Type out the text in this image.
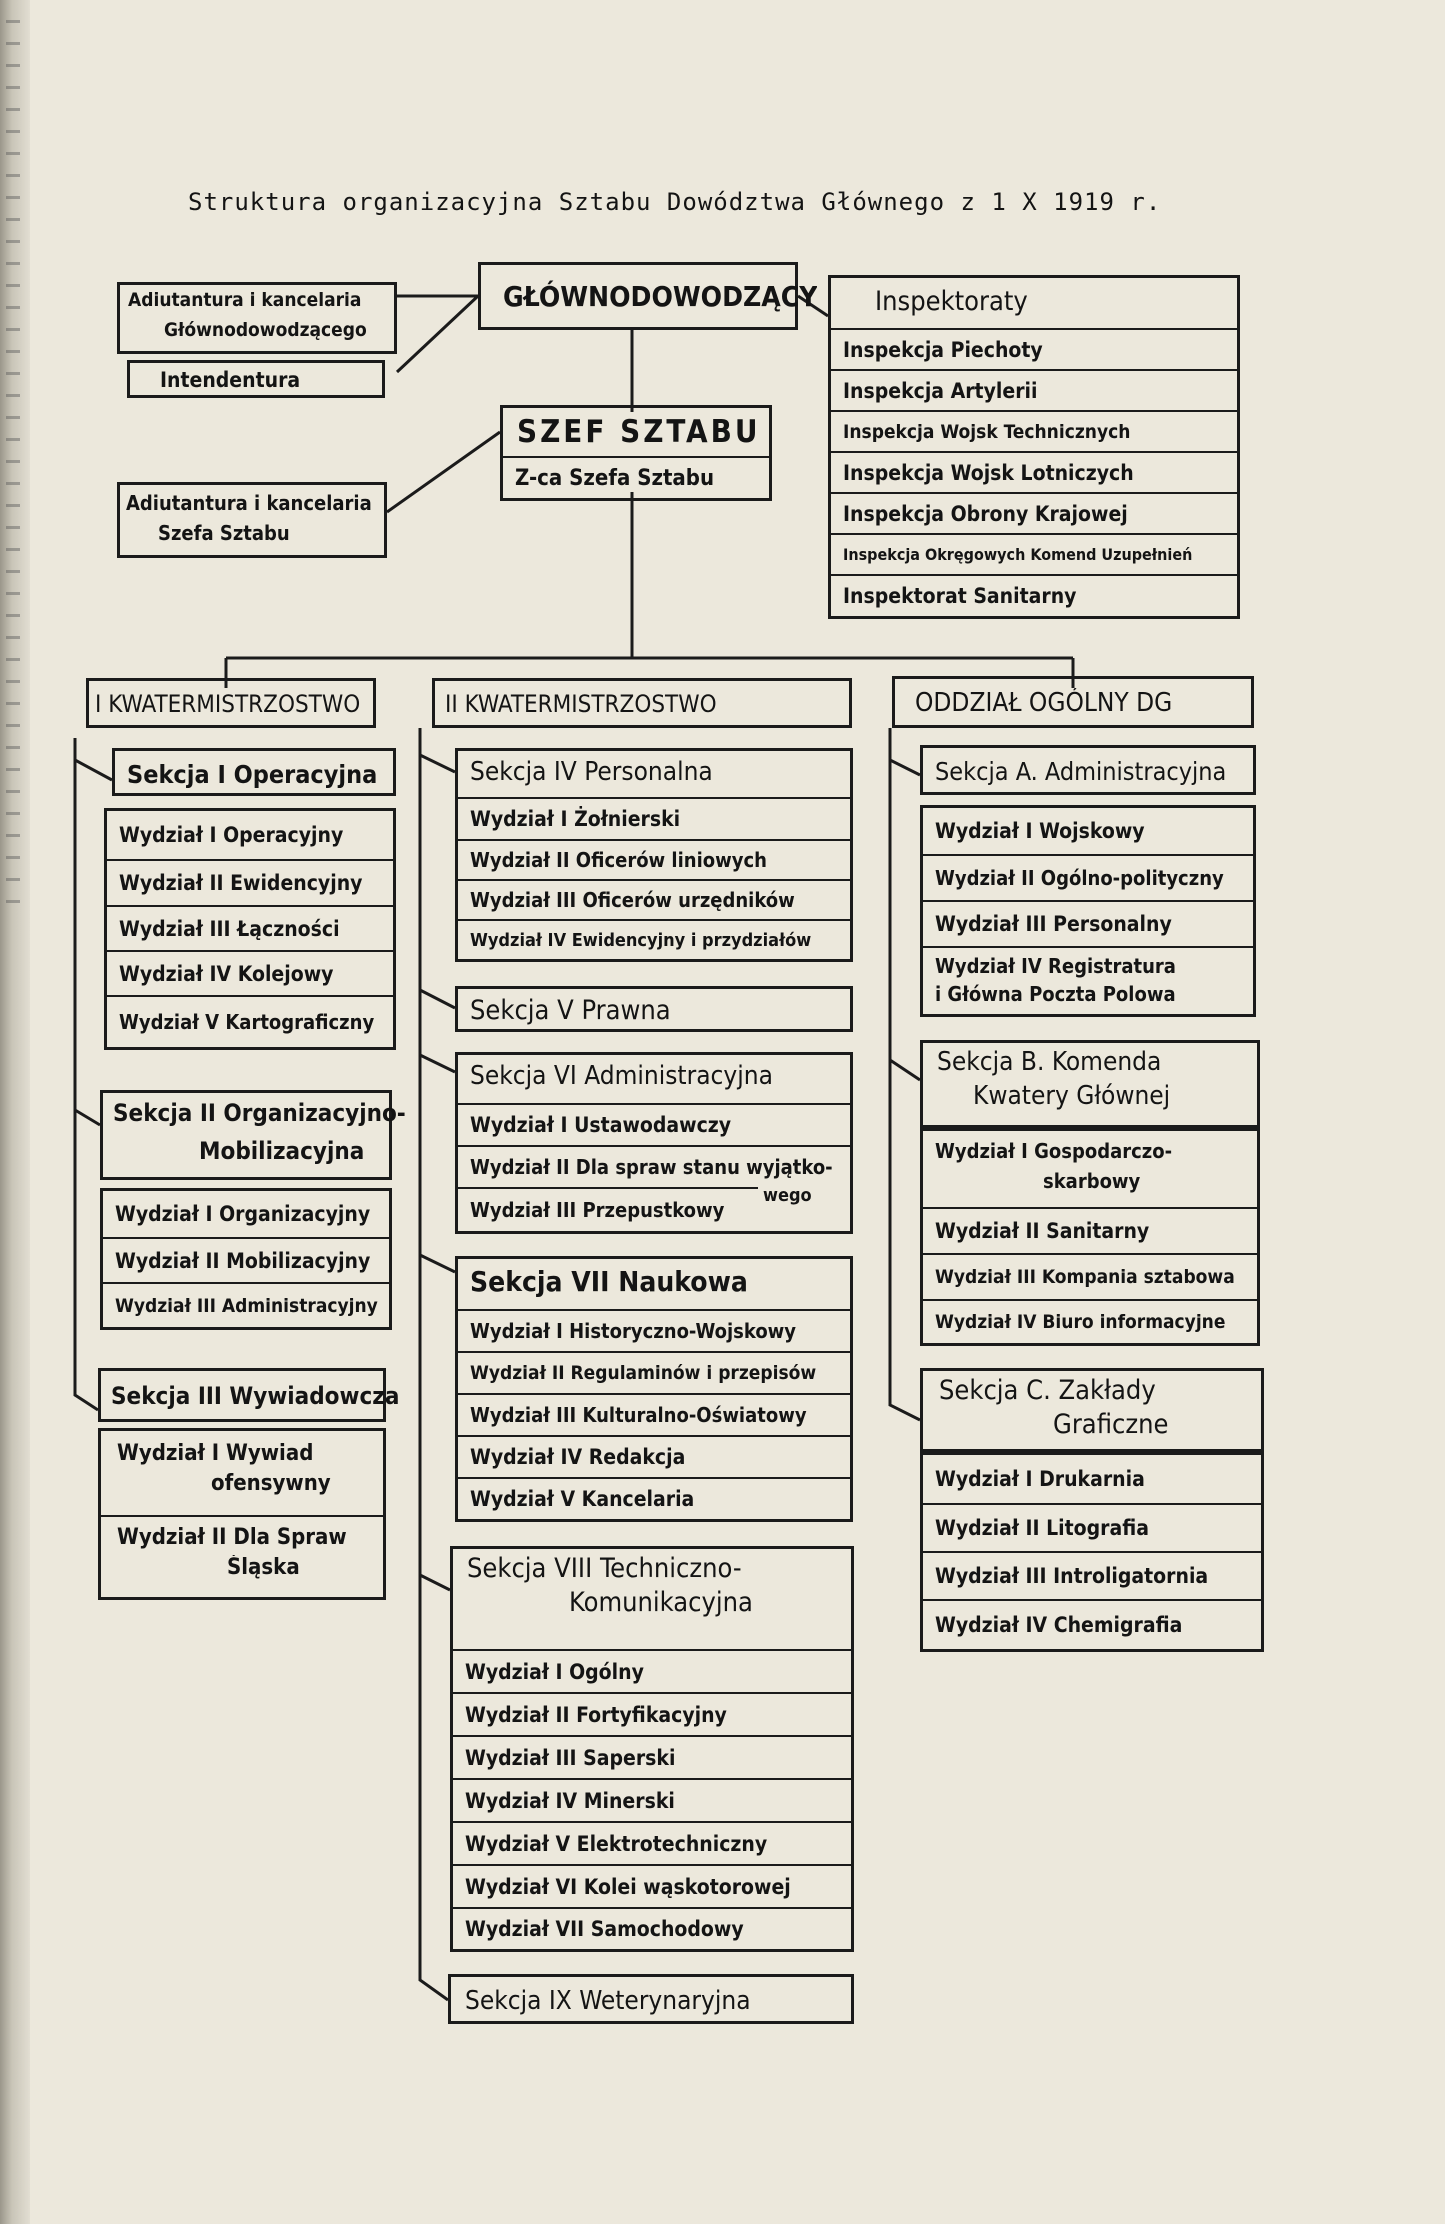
Struktura organizacyjna Sztabu Dowództwa Głównego z 1 X 1919 r.
Adiutantura i kancelaria
Głównodowodzącego
Intendentura
GŁÓWNODOWODZĄCY
SZEF SZTABU
Z-ca Szefa Sztabu
Adiutantura i kancelaria
Szefa Sztabu
Inspektoraty
Inspekcja Piechoty
Inspekcja Artylerii
Inspekcja Wojsk Technicznych
Inspekcja Wojsk Lotniczych
Inspekcja Obrony Krajowej
Inspekcja Okręgowych Komend Uzupełnień
Inspektorat Sanitarny
I KWATERMISTRZOSTWO	II KWATERMISTRZOSTWO	ODDZIAŁ OGÓLNY DG
Sekcja I Operacyjna
Wydział I Operacyjny
Wydział II Ewidencyjny
Wydział III Łączności
Wydział IV Kolejowy
Wydział V Kartograficzny
Sekcja II Organizacyjno-
Mobilizacyjna
Wydział I Organizacyjny
Wydział II Mobilizacyjny
Wydział III Administracyjny
Sekcja III Wywiadowcza
Wydział I Wywiad
ofensywny
Wydział II Dla Spraw
Śląska
Sekcja IV Personalna
Wydział I Żołnierski
Wydział II Oficerów liniowych
Wydział III Oficerów urzędników
Wydział IV Ewidencyjny i przydziałów
Sekcja V Prawna
Sekcja VI Administracyjna
Wydział I Ustawodawczy
Wydział II Dla spraw stanu wyjątko-
wego
Wydział III Przepustkowy
Sekcja VII Naukowa
Wydział I Historyczno-Wojskowy
Wydział II Regulaminów i przepisów
Wydział III Kulturalno-Oświatowy
Wydział IV Redakcja
Wydział V Kancelaria
Sekcja VIII Techniczno-
Komunikacyjna
Wydział I Ogólny
Wydział II Fortyfikacyjny
Wydział III Saperski
Wydział IV Minerski
Wydział V Elektrotechniczny
Wydział VI Kolei wąskotorowej
Wydział VII Samochodowy
Sekcja IX Weterynaryjna
Sekcja A. Administracyjna
Wydział I Wojskowy
Wydział II Ogólno-polityczny
Wydział III Personalny
Wydział IV Registratura
i Główna Poczta Polowa
Sekcja B. Komenda
Kwatery Głównej
Wydział I Gospodarczo-
skarbowy
Wydział II Sanitarny
Wydział III Kompania sztabowa
Wydział IV Biuro informacyjne
Sekcja C. Zakłady
Graficzne
Wydział I Drukarnia
Wydział II Litografia
Wydział III Introligatornia
Wydział IV Chemigrafia
